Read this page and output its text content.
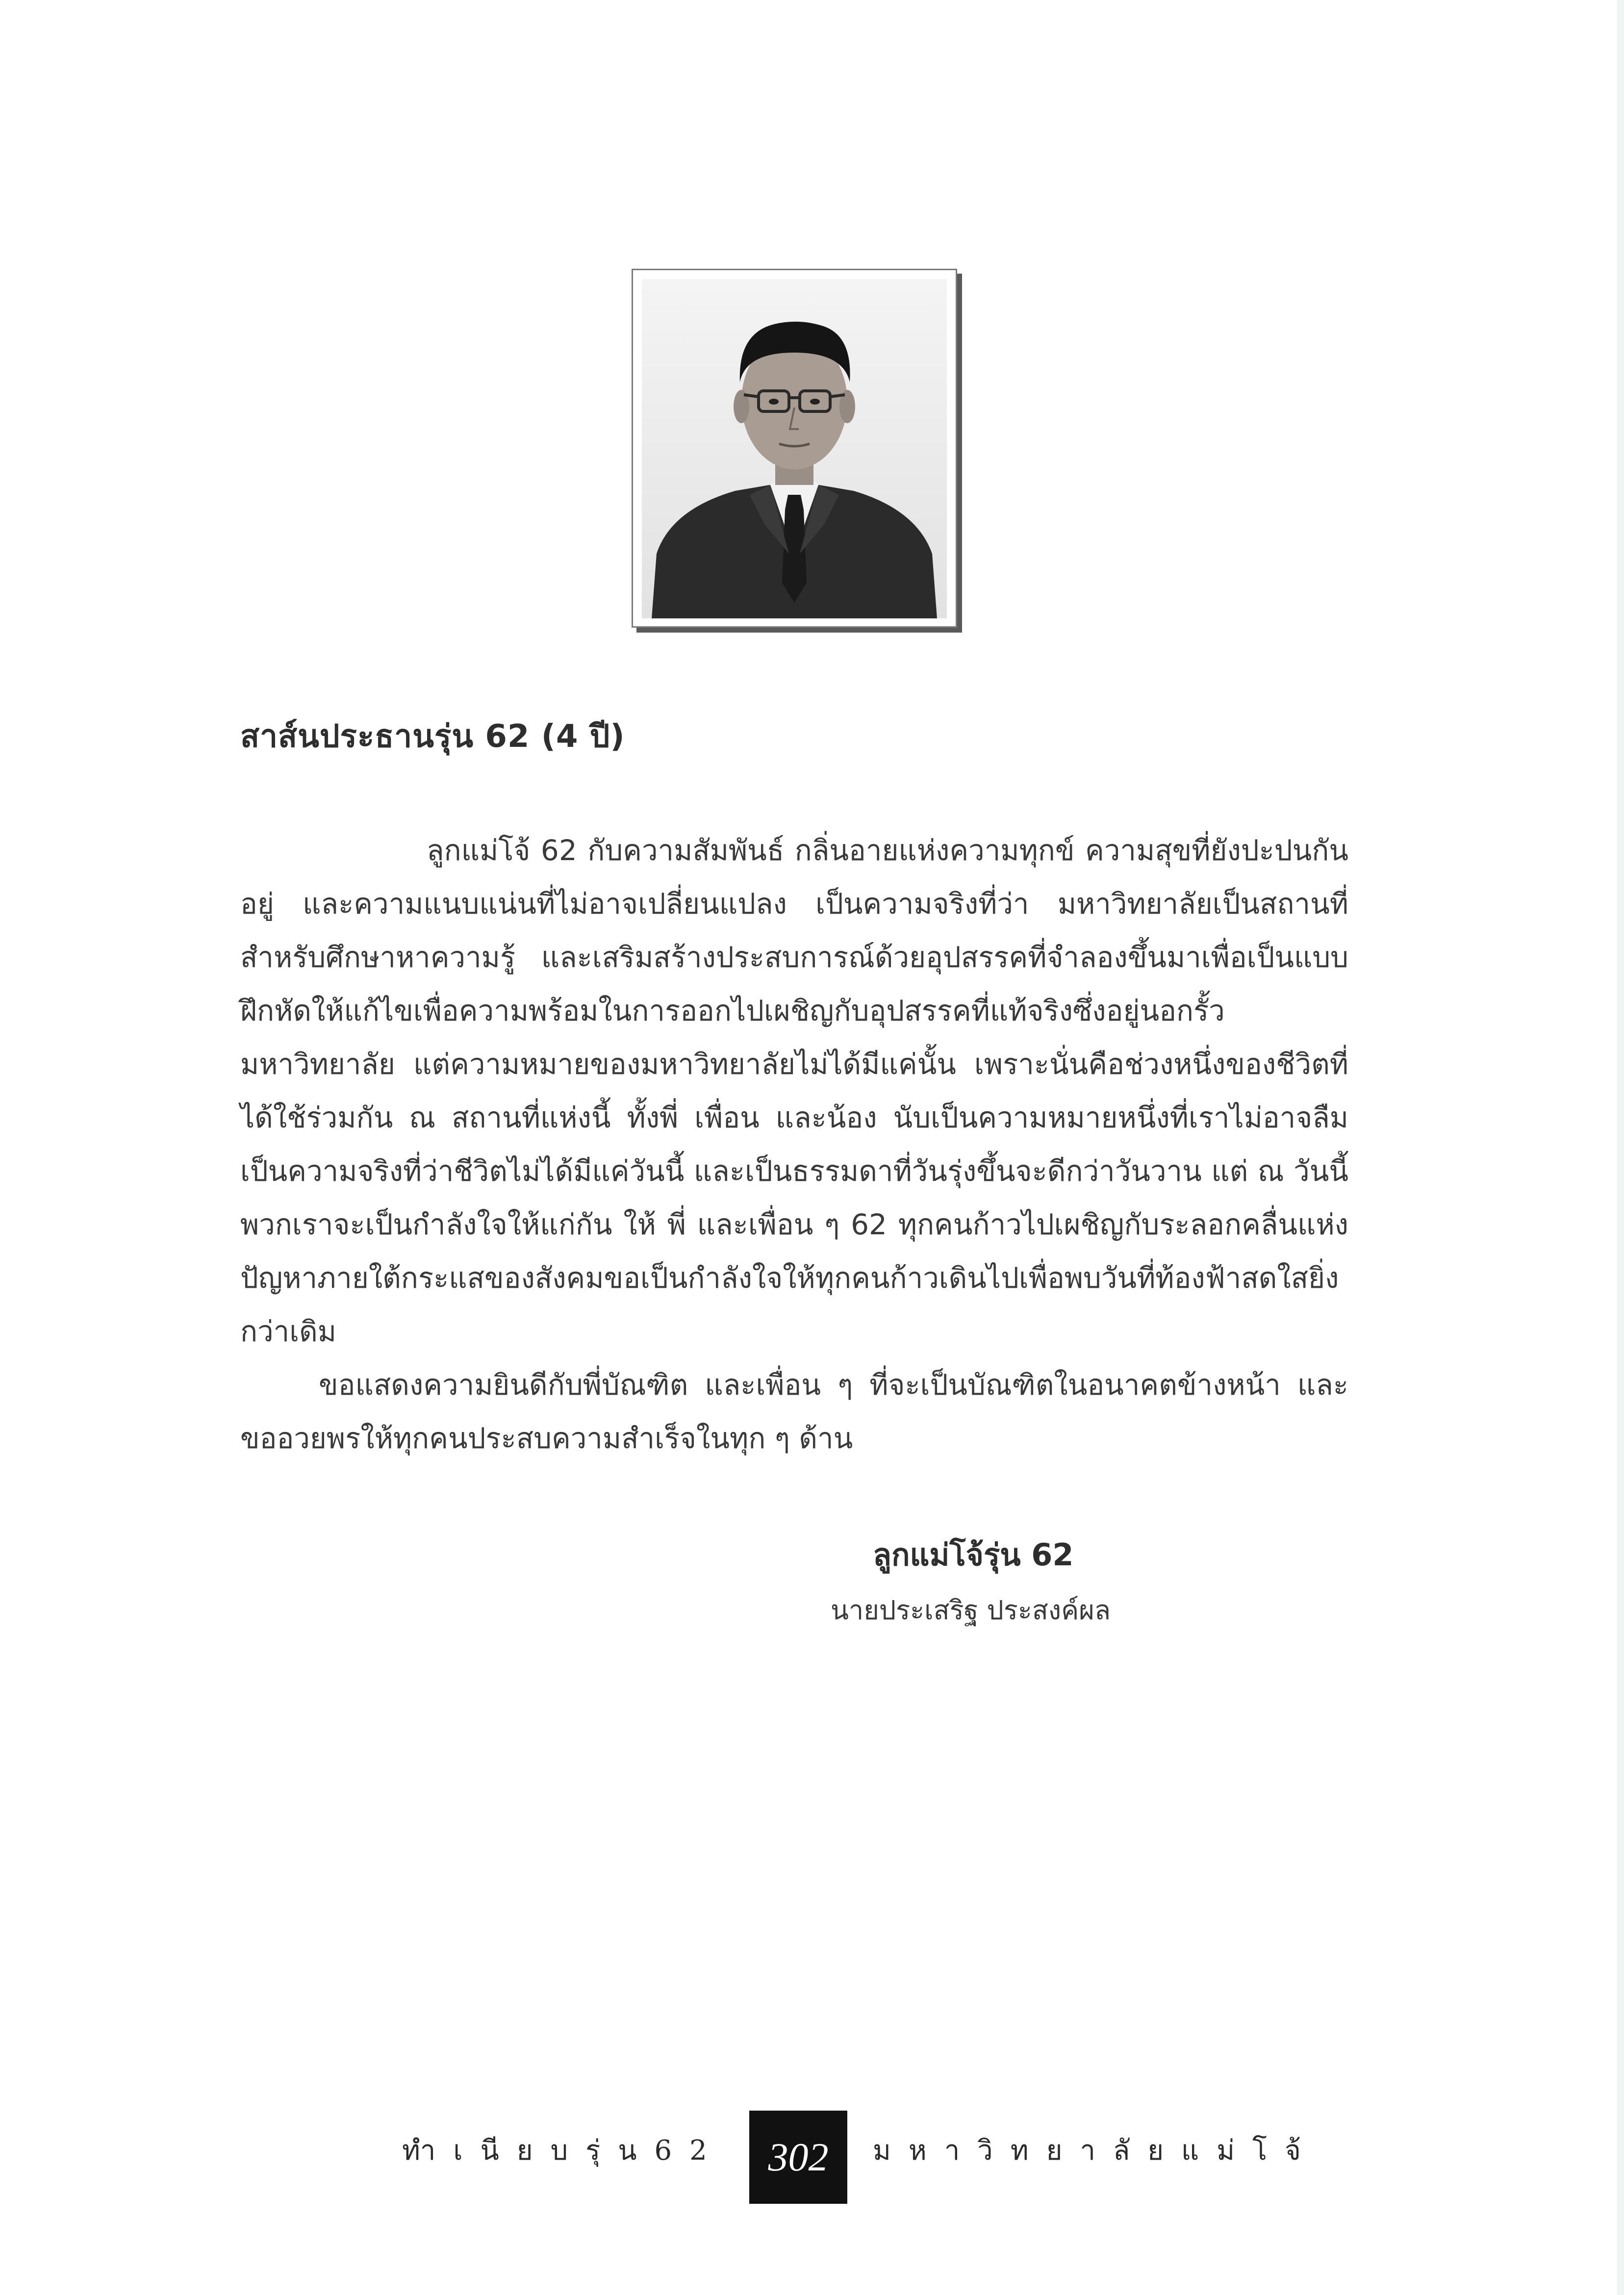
สาส์นประธานรุ่น 62 (4 ปี)

ลูกแม่โจ้ 62 กับความสัมพันธ์ กลิ่นอายแห่งความทุกข์ ความสุขที่ยังปะปนกันอยู่ และความแนบแน่นที่ไม่อาจเปลี่ยนแปลง เป็นความจริงที่ว่า มหาวิทยาลัยเป็นสถานที่สำหรับศึกษาหาความรู้ และเสริมสร้างประสบการณ์ด้วยอุปสรรคที่จำลองขึ้นมาเพื่อเป็นแบบฝึกหัดให้แก้ไขเพื่อความพร้อมในการออกไปเผชิญกับอุปสรรคที่แท้จริงซึ่งอยู่นอกรั้วมหาวิทยาลัย แต่ความหมายของมหาวิทยาลัยไม่ได้มีแค่นั้น เพราะนั่นคือช่วงหนึ่งของชีวิตที่ได้ใช้ร่วมกัน ณ สถานที่แห่งนี้ ทั้งพี่ เพื่อน และน้อง นับเป็นความหมายหนึ่งที่เราไม่อาจลืม เป็นความจริงที่ว่าชีวิตไม่ได้มีแค่วันนี้ และเป็นธรรมดาที่วันรุ่งขึ้นจะดีกว่าวันวาน แต่ ณ วันนี้พวกเราจะเป็นกำลังใจให้แก่กัน ให้ พี่ และเพื่อน ๆ 62 ทุกคนก้าวไปเผชิญกับระลอกคลื่นแห่งปัญหาภายใต้กระแสของสังคมขอเป็นกำลังใจให้ทุกคนก้าวเดินไปเพื่อพบวันที่ท้องฟ้าสดใสยิ่งกว่าเดิม

ขอแสดงความยินดีกับพี่บัณฑิต และเพื่อน ๆ ที่จะเป็นบัณฑิตในอนาคตข้างหน้า และขออวยพรให้ทุกคนประสบความสำเร็จในทุก ๆ ด้าน

ลูกแม่โจ้รุ่น 62
นายประเสริฐ ประสงค์ผล
ทำเนียบรุ่น62	302	มหาวิทยาลัยแม่โจ้
